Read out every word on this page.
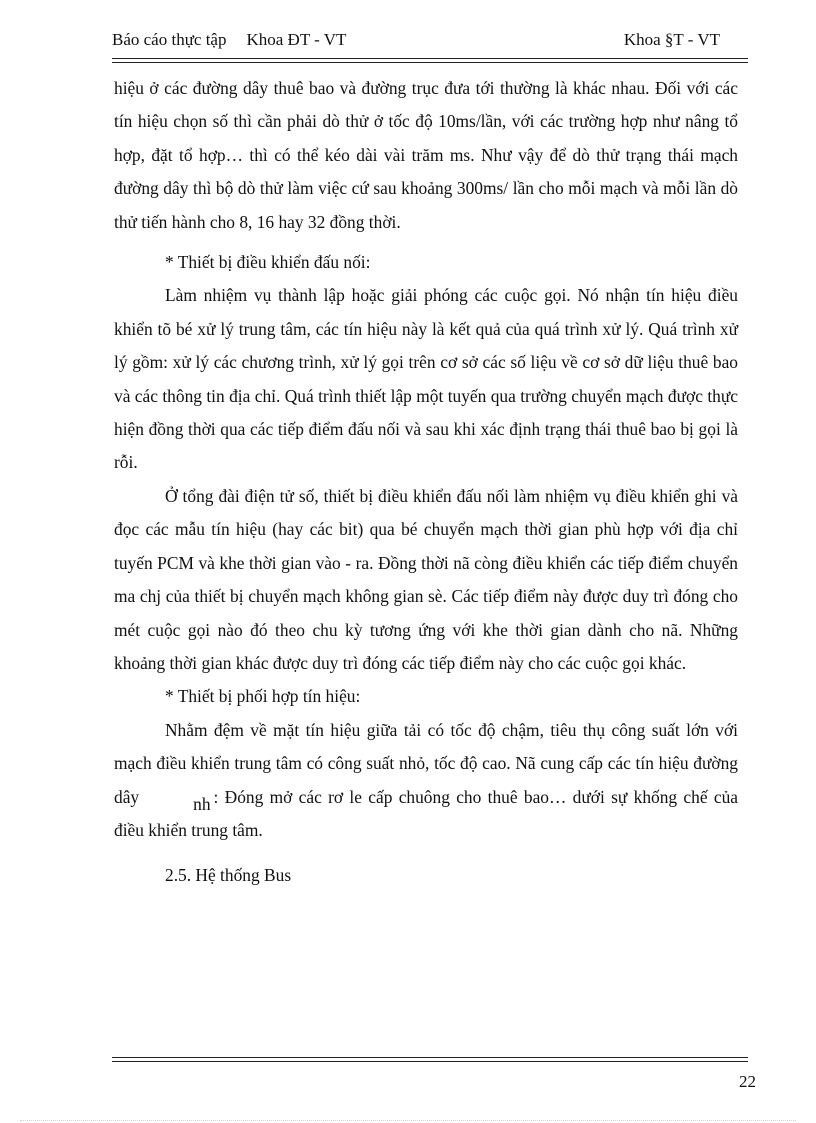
Báo cáo thực tập Khoa ĐT - VT	Khoa §T - VT

hiệu ở các đường dây thuê bao và đường trục đưa tới thường là khác nhau. Đối với các tín hiệu chọn số thì cần phải dò thử ở tốc độ 10ms/lần, với các trường hợp như nâng tổ hợp, đặt tổ hợp… thì có thể kéo dài vài trăm ms. Như vậy để dò thử trạng thái mạch đường dây thì bộ dò thử làm việc cứ sau khoảng 300ms/ lần cho mỗi mạch và mỗi lần dò thử tiến hành cho 8, 16 hay 32 đồng thời.

* Thiết bị điều khiển đấu nối:

Làm nhiệm vụ thành lập hoặc giải phóng các cuộc gọi. Nó nhận tín hiệu điều khiển tõ bé xử lý trung tâm, các tín hiệu này là kết quả của quá trình xử lý. Quá trình xử lý gồm: xử lý các chương trình, xử lý gọi trên cơ sở các số liệu về cơ sở dữ liệu thuê bao và các thông tin địa chỉ. Quá trình thiết lập một tuyến qua trường chuyển mạch được thực hiện đồng thời qua các tiếp điểm đấu nối và sau khi xác định trạng thái thuê bao bị gọi là rỗi.

Ở tổng đài điện tử số, thiết bị điều khiển đấu nối làm nhiệm vụ điều khiển ghi và đọc các mẫu tín hiệu (hay các bit) qua bé chuyển mạch thời gian phù hợp với địa chỉ tuyến PCM và khe thời gian vào - ra. Đồng thời nã còng điều khiển các tiếp điểm chuyển ma chj của thiết bị chuyển mạch không gian sè. Các tiếp điểm này được duy trì đóng cho mét cuộc gọi nào đó theo chu kỳ tương ứng với khe thời gian dành cho nã. Những khoảng thời gian khác được duy trì đóng các tiếp điểm này cho các cuộc gọi khác.

* Thiết bị phối hợp tín hiệu:

Nhằm đệm về mặt tín hiệu giữa tải có tốc độ chậm, tiêu thụ công suất lớn với mạch điều khiển trung tâm có công suất nhỏ, tốc độ cao. Nã cung cấp các tín hiệu đường dây	nh : Đóng mở các rơ le cấp chuông cho thuê bao… dưới sự khống chế của điều khiển trung tâm.

2.5. Hệ thống Bus

22
